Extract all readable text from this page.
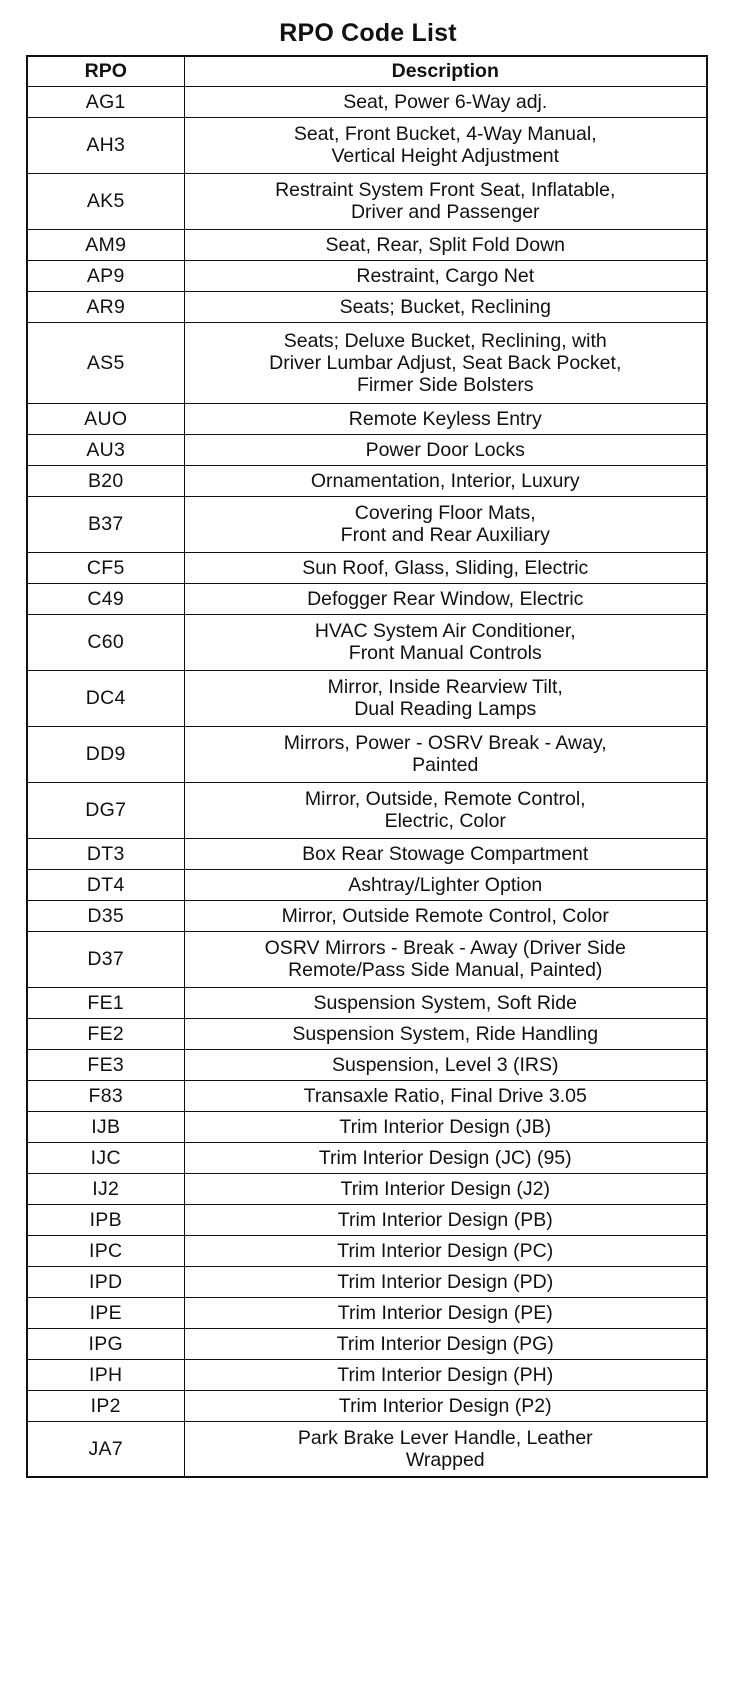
RPO Code List
RPO	Description
AG1	Seat, Power 6-Way adj.
AH3	Seat, Front Bucket, 4-Way Manual,
Vertical Height Adjustment
AK5	Restraint System Front Seat, Inflatable,
Driver and Passenger
AM9	Seat, Rear, Split Fold Down
AP9	Restraint, Cargo Net
AR9	Seats; Bucket, Reclining
AS5	Seats; Deluxe Bucket, Reclining, with
Driver Lumbar Adjust, Seat Back Pocket,
Firmer Side Bolsters
AUO	Remote Keyless Entry
AU3	Power Door Locks
B20	Ornamentation, Interior, Luxury
B37	Covering Floor Mats,
Front and Rear Auxiliary
CF5	Sun Roof, Glass, Sliding, Electric
C49	Defogger Rear Window, Electric
C60	HVAC System Air Conditioner,
Front Manual Controls
DC4	Mirror, Inside Rearview Tilt,
Dual Reading Lamps
DD9	Mirrors, Power - OSRV Break - Away,
Painted
DG7	Mirror, Outside, Remote Control,
Electric, Color
DT3	Box Rear Stowage Compartment
DT4	Ashtray/Lighter Option
D35	Mirror, Outside Remote Control, Color
D37	OSRV Mirrors - Break - Away (Driver Side
Remote/Pass Side Manual, Painted)
FE1	Suspension System, Soft Ride
FE2	Suspension System, Ride Handling
FE3	Suspension, Level 3 (IRS)
F83	Transaxle Ratio, Final Drive 3.05
IJB	Trim Interior Design (JB)
IJC	Trim Interior Design (JC) (95)
IJ2	Trim Interior Design (J2)
IPB	Trim Interior Design (PB)
IPC	Trim Interior Design (PC)
IPD	Trim Interior Design (PD)
IPE	Trim Interior Design (PE)
IPG	Trim Interior Design (PG)
IPH	Trim Interior Design (PH)
IP2	Trim Interior Design (P2)
JA7	Park Brake Lever Handle, Leather
Wrapped
